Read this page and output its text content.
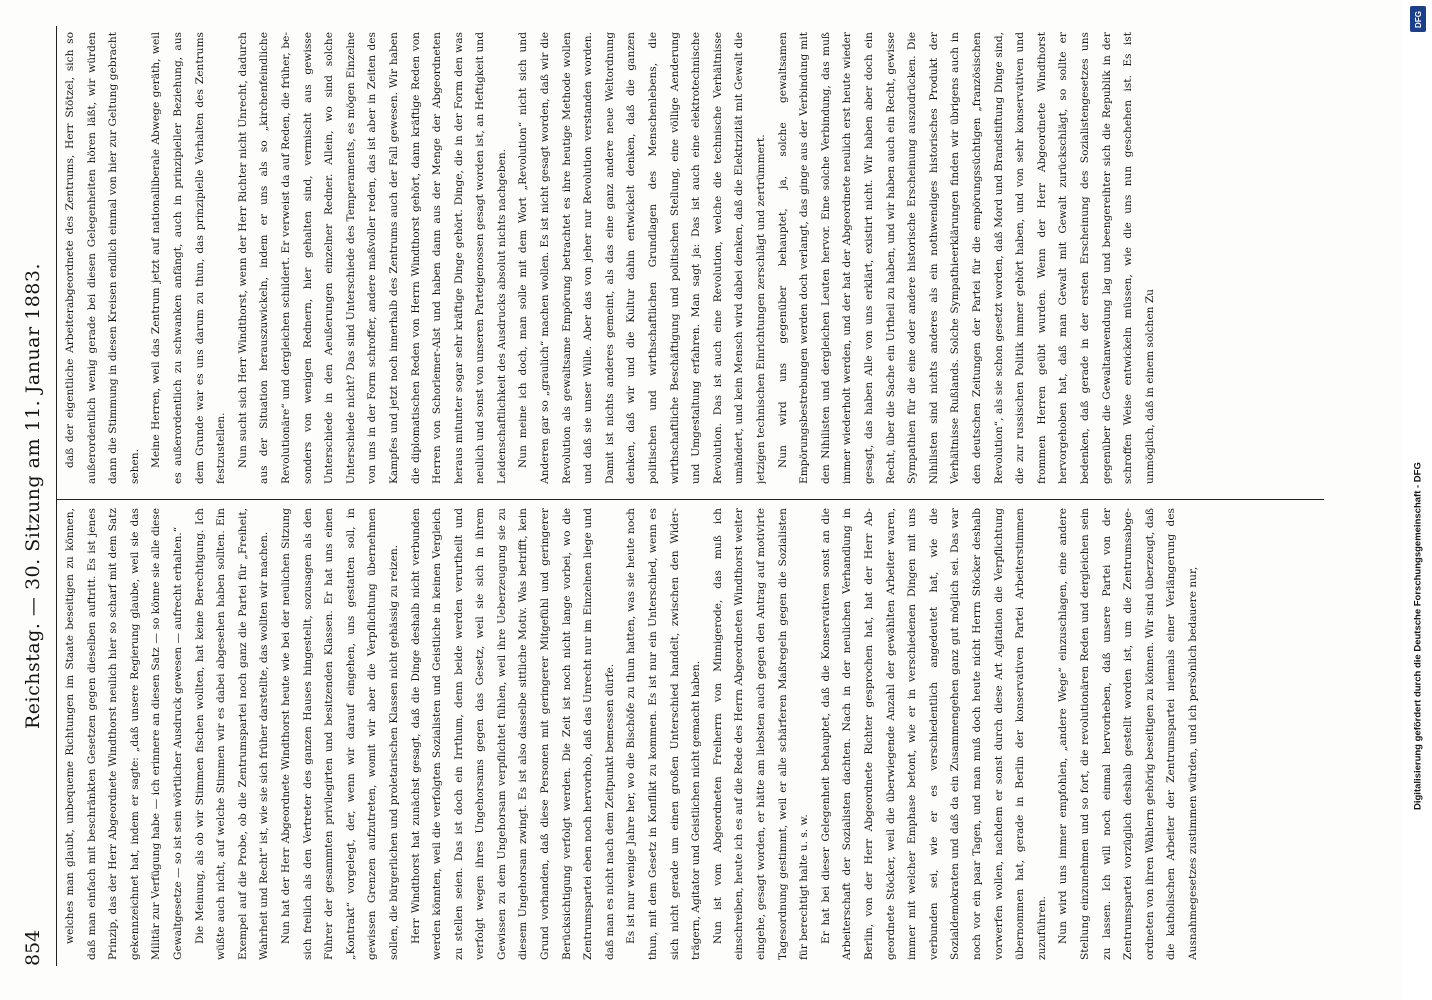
854
Reichstag. — 30. Sitzung am 11. Januar 1883.	welches man glaubt, unbequeme Richtungen im Staate beseitigen zu können, daß man einfach mit beschränkten Gesetzen gegen dieselben auftritt. Es ist jenes Prinzip, das der Herr Abgeordnete Windthorst neulich hier so scharf mit dem Satz gekennzeichnet hat, indem er sagte: „daß unsere Regierung glaube, weil sie das Militär zur Verfügung habe — ich erinnere an diesen Satz — so könne sie alle diese Gewaltgesetze — so ist sein wörtlicher Ausdruck gewesen — aufrecht erhalten.“ Die Meinung, als ob wir Stimmen fischen wollten, hat keine Berechtigung. Ich wüßte auch nicht, auf welche Stimmen wir es dabei abgesehen haben sollten. Ein Exempel auf die Probe, ob die Zentrumspartei noch ganz die Partei für „Freiheit, Wahrheit und Recht“ ist, wie sie sich früher darstellte, das wollten wir machen. Nun hat der Herr Abgeordnete Windthorst heute wie bei der neulichen Sitzung sich freilich als den Vertreter des ganzen Hauses hingestellt, sozusagen als den Führer der gesammten privilegirten und besitzenden Klassen. Er hat uns einen „Kontrakt“ vorgelegt, der, wenn wir darauf eingehen, uns gestatten soll, in gewissen Grenzen aufzutreten, womit wir aber die Verpflichtung übernehmen sollen, die bürgerlichen und proletarischen Klassen nicht gehässig zu reizen. Herr Windthorst hat zunächst gesagt, daß die Dinge deshalb nicht verbunden werden könnten, weil die verfolgten Sozialisten und Geistliche in keinen Vergleich zu stellen seien. Das ist doch ein Irrthum, denn beide werden verurtheilt und verfolgt wegen ihres Ungehorsams gegen das Gesetz, weil sie sich in ihrem Gewissen zu dem Ungehorsam verpflichtet fühlen, weil ihre Ueberzeugung sie zu diesem Ungehorsam zwingt. Es ist also dasselbe sittliche Motiv. Was betrifft, kein Grund vorhanden, daß diese Personen mit geringerer Mitgefühl und geringerer Berücksichtigung verfolgt werden. Die Zeit ist noch nicht lange vorbei, wo die Zentrumspartei eben noch hervorhob, daß das Unrecht nur im Einzelnen liege und daß man es nicht nach dem Zeitpunkt bemessen dürfe. Es ist nur wenige Jahre her, wo die Bischöfe zu thun hatten, was sie heute noch thun, mit dem Gesetz in Konflikt zu kommen. Es ist nur ein Unterschied, wenn es sich nicht gerade um einen großen Unterschied handelt, zwischen den Widerträgern, Agitator und Geistlichen nicht gemacht haben. Nun ist vom Abgeordneten Freiherrn von Minnigerode, das muß ich einschreiben, heute ich es auf die Rede des Herrn Abgeordneten Windthorst weiter eingehe, gesagt worden, er hätte am liebsten auch gegen den Antrag auf motivirte Tagesordnung gestimmt, weil er alle schärferen Maßregeln gegen die Sozialisten für berechtigt halte u. s. w. Er hat bei dieser Gelegenheit behauptet, daß die Konservativen sonst an die Arbeiterschaft der Sozialisten dachten. Nach in der neulichen Verhandlung in Berlin, von der Herr Abgeordnete Richter gesprochen hat, hat der Herr Abgeordnete Stöcker, weil die überwiegende Anzahl der gewählten Arbeiter waren, immer mit welcher Emphase betont, wie er in verschiedenen Dingen mit uns verbunden sei, wie er es verschiedentlich angedeutet hat, wie die Sozialdemokraten und daß da ein Zusammengehen ganz gut möglich sei. Das war noch vor ein paar Tagen, und man muß doch heute nicht Herrn Stöcker deshalb vorwerfen wollen, nachdem er sonst durch diese Art Agitation die Verpflichtung übernommen hat, gerade in Berlin der konservativen Partei Arbeiterstimmen zuzuführen. Nun wird uns immer empfohlen, „andere Wege“ einzuschlagen, eine andere Stellung einzunehmen und so fort, die revolutionären Reden und dergleichen sein zu lassen. Ich will noch einmal hervorheben, daß unsere Partei von der Zentrumspartei vorzüglich deshalb gestellt worden ist, um die Zentrumsabgeordneten von ihren Wählern gehörig beseitigen zu können. Wir sind überzeugt, daß die katholischen Arbeiter der Zentrumspartei niemals einer Verlängerung des Ausnahmegesetzes zustimmen würden, und ich persönlich bedauere nur,

daß der eigentliche Arbeiterabgeordnete des Zentrums, Herr Stötzel, sich so außerordentlich wenig gerade bei diesen Gelegenheiten hören läßt, wir würden dann die Stimmung in diesen Kreisen endlich einmal von hier zur Geltung gebracht sehen. Meine Herren, weil das Zentrum jetzt auf nationalliberale Abwege geräth, weil es außerordentlich zu schwanken anfängt, auch in prinzipieller Beziehung, aus dem Grunde war es uns darum zu thun, das prinzipielle Verhalten des Zentrums festzustellen. Nun sucht sich Herr Windthorst, wenn der Herr Richter nicht Unrecht, dadurch aus der Situation herauszuwickeln, indem er uns als so „kirchenfeindliche Revolutionäre“ und dergleichen schildert. Er verweist da auf Reden, die früher, besonders von wenigen Rednern, hier gehalten sind, vermischt aus gewisse Unterschiede in den Aeußerungen einzelner Redner. Allein, wo sind solche Unterschiede nicht? Das sind Unterschiede des Temperaments, es mögen Einzelne von uns in der Form schroffer, andere maßvoller reden, das ist aber in Zeiten des Kampfes und jetzt noch innerhalb des Zentrums auch der Fall gewesen. Wir haben die diplomatischen Reden von Herrn Windthorst gehört, dann kräftige Reden von Herren von Schorlemer-Alst und haben dann aus der Menge der Abgeordneten heraus mitunter sogar sehr kräftige Dinge gehört. Dinge, die in der Form den was neulich und sonst von unseren Parteigenossen gesagt worden ist, an Heftigkeit und Leidenschaftlichkeit des Ausdrucks absolut nichts nachgeben. Nun meine ich doch, man solle mit dem Wort „Revolution“ nicht sich und Anderen gar so „graulich“ machen wollen. Es ist nicht gesagt worden, daß wir die Revolution als gewaltsame Empörung betrachtet es ihre heutige Methode wollen und daß sie unser Wille. Aber das von jeher nur Revolution verstanden worden. Damit ist nichts anderes gemeint, als das eine ganz andere neue Weltordnung denken, daß wir und die Kultur dahin entwickelt denken, daß die ganzen politischen und wirthschaftlichen Grundlagen des Menschenlebens, die wirthschaftliche Beschäftigung und politischen Stellung, eine völlige Aenderung und Umgestaltung erfahren. Man sagt ja: Das ist auch eine elektrotechnische Revolution. Das ist auch eine Revolution, welche die technische Verhältnisse umändert, und kein Mensch wird dabei denken, daß die Elektrizität mit Gewalt die jetzigen technischen Einrichtungen zerschlägt und zertrümmert. Nun wird uns gegenüber behauptet, ja, solche gewaltsamen Empörungsbestrebungen werden doch verlangt, das ginge aus der Verbindung mit den Nihilisten und dergleichen Leuten hervor. Eine solche Verbindung, das muß immer wiederholt werden, und der hat der Abgeordnete neulich erst heute wieder gesagt, das haben Alle von uns erklärt, existirt nicht. Wir haben aber doch ein Recht, über die Sache ein Urtheil zu haben, und wir haben auch ein Recht, gewisse Sympathien für die eine oder andere historische Erscheinung auszudrücken. Die Nihilisten sind nichts anderes als ein nothwendiges historisches Produkt der Verhältnisse Rußlands. Solche Sympathieerklärungen finden wir übrigens auch in den deutschen Zeitungen der Partei für die empörungssüchtigen „französischen Revolution“, als sie schon gesetzt worden, daß Mord und Brandstiftung Dinge sind, die zur russischen Politik immer gehört haben, und von sehr konservativen und frommen Herren geübt wurden. Wenn der Herr Abgeordnete Windthorst hervorgehoben hat, daß man Gewalt mit Gewalt zurückschlägt, so sollte er bedenken, daß gerade in der ersten Erscheinung des Sozialistengesetzes uns gegenüber die Gewaltanwendung lag und beengereihter sich die Republik in der schroffen Weise entwickeln müssen, wie die uns nun geschehen ist. Es ist unmöglich, daß in einem solchen Zu

DFG
Digitalisierung gefördert durch die Deutsche Forschungsgemeinschaft - DFG
